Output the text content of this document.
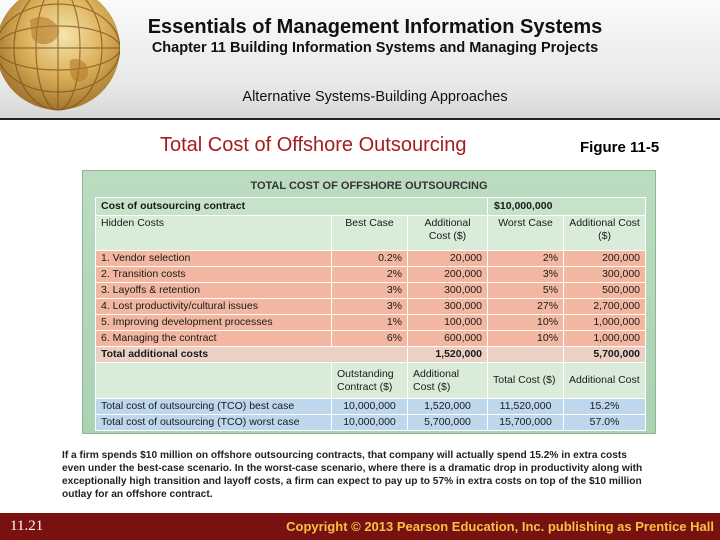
Essentials of Management Information Systems
Chapter 11 Building Information Systems and Managing Projects
Alternative Systems-Building Approaches
Total Cost of Offshore Outsourcing	Figure 11-5
TOTAL COST OF OFFSHORE OUTSOURCING
Cost of outsourcing contract			$10,000,000	
Hidden Costs	Best Case	Additional Cost ($)	Worst Case	Additional Cost ($)
1. Vendor selection	0.2%	20,000	2%	200,000
2. Transition costs	2%	200,000	3%	300,000
3. Layoffs & retention	3%	300,000	5%	500,000
4. Lost productivity/cultural issues	3%	300,000	27%	2,700,000
5. Improving development processes	1%	100,000	10%	1,000,000
6. Managing the contract	6%	600,000	10%	1,000,000
Total additional costs		1,520,000		5,700,000
	Outstanding Contract ($)	Additional Cost ($)	Total Cost ($)	Additional Cost
Total cost of outsourcing (TCO) best case	10,000,000	1,520,000	11,520,000	15.2%
Total cost of outsourcing (TCO) worst case	10,000,000	5,700,000	15,700,000	57.0%
If a firm spends $10 million on offshore outsourcing contracts, that company will actually spend 15.2% in extra costs even under the best-case scenario. In the worst-case scenario, where there is a dramatic drop in productivity along with exceptionally high transition and layoff costs, a firm can expect to pay up to 57% in extra costs on top of the $10 million outlay for an offshore contract.
11.21	Copyright © 2013 Pearson Education, Inc. publishing as Prentice Hall
